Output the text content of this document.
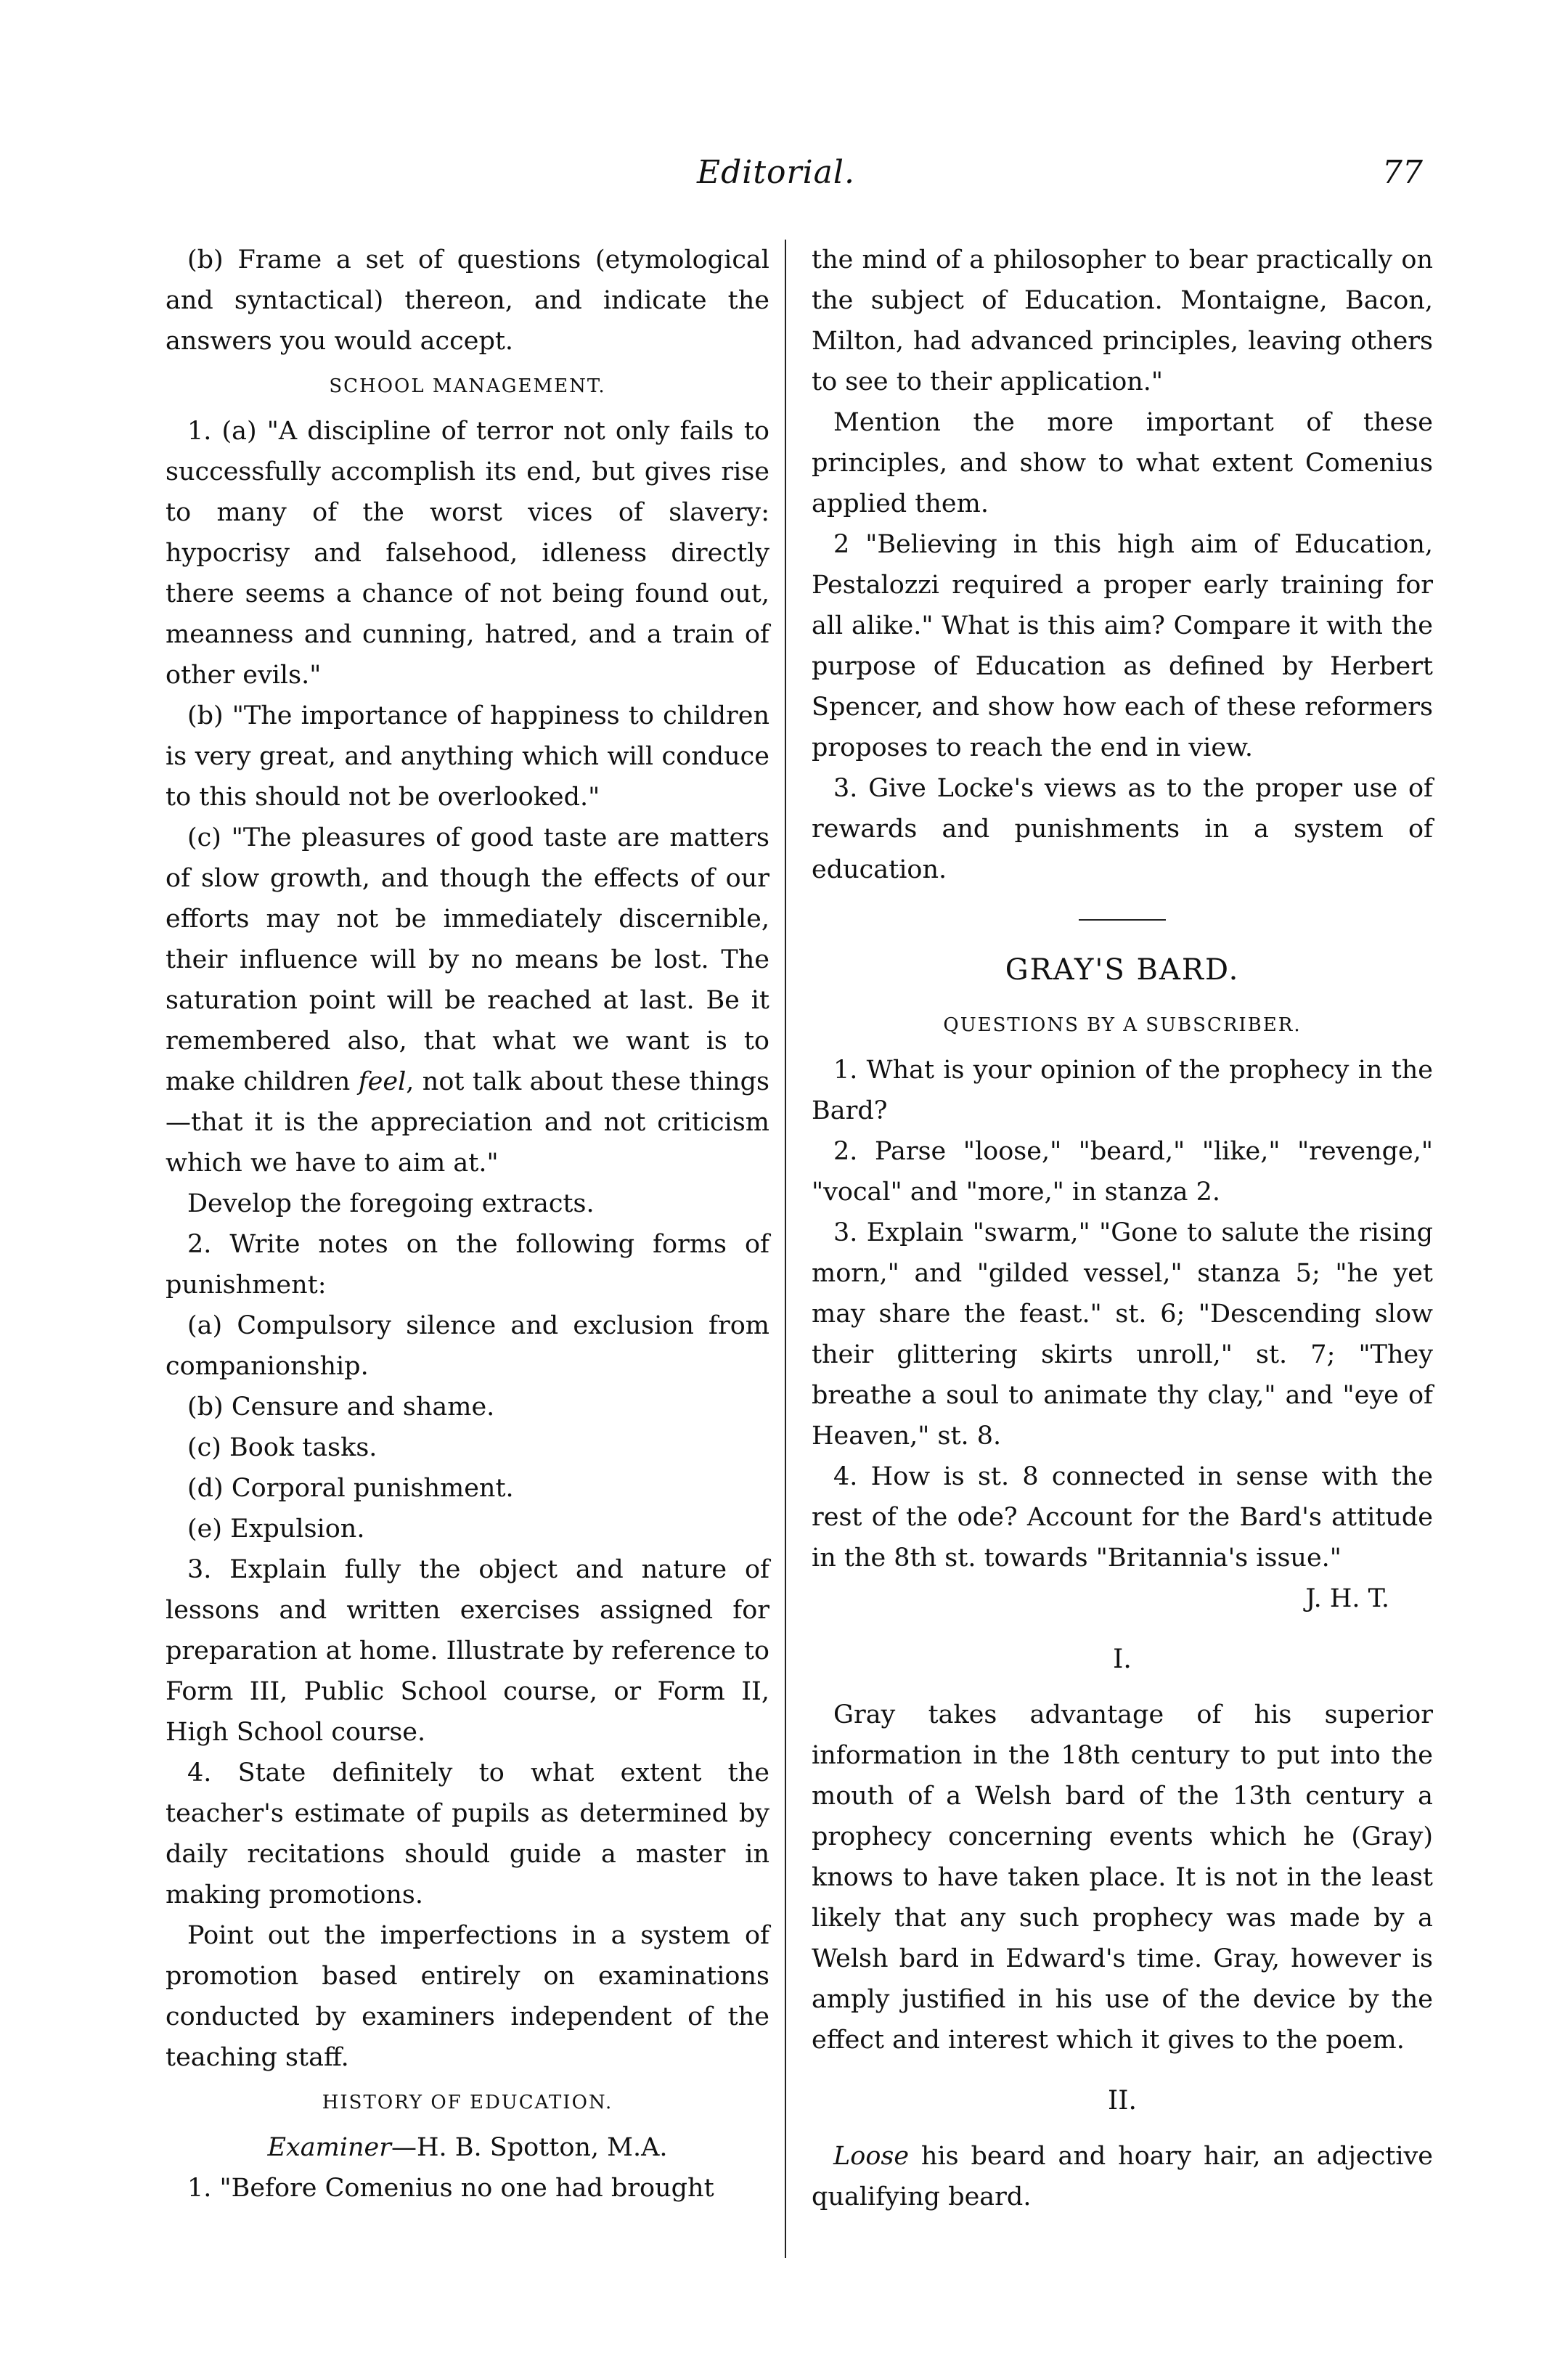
Editorial.	77

(b) Frame a set of questions (etymological and syntactical) thereon, and indicate the answers you would accept.

SCHOOL MANAGEMENT.

1. (a) "A discipline of terror not only fails to successfully accomplish its end, but gives rise to many of the worst vices of slavery: hypocrisy and falsehood, idleness directly there seems a chance of not being found out, meanness and cunning, hatred, and a train of other evils."

(b) "The importance of happiness to children is very great, and anything which will conduce to this should not be overlooked."

(c) "The pleasures of good taste are matters of slow growth, and though the effects of our efforts may not be immediately discernible, their influence will by no means be lost. The saturation point will be reached at last. Be it remembered also, that what we want is to make children feel, not talk about these things—that it is the appreciation and not criticism which we have to aim at."

Develop the foregoing extracts.

2. Write notes on the following forms of punishment:

(a) Compulsory silence and exclusion from companionship.

(b) Censure and shame.

(c) Book tasks.

(d) Corporal punishment.

(e) Expulsion.

3. Explain fully the object and nature of lessons and written exercises assigned for preparation at home. Illustrate by reference to Form III, Public School course, or Form II, High School course.

4. State definitely to what extent the teacher's estimate of pupils as determined by daily recitations should guide a master in making promotions.

Point out the imperfections in a system of promotion based entirely on examinations conducted by examiners independent of the teaching staff.

HISTORY OF EDUCATION.

Examiner—H. B. Spotton, M.A.

1. "Before Comenius no one had brought

the mind of a philosopher to bear practically on the subject of Education. Montaigne, Bacon, Milton, had advanced principles, leaving others to see to their application."

Mention the more important of these principles, and show to what extent Comenius applied them.

2 "Believing in this high aim of Education, Pestalozzi required a proper early training for all alike." What is this aim? Compare it with the purpose of Education as defined by Herbert Spencer, and show how each of these reformers proposes to reach the end in view.

3. Give Locke's views as to the proper use of rewards and punishments in a system of education.

GRAY'S BARD.

QUESTIONS BY A SUBSCRIBER.

1. What is your opinion of the prophecy in the Bard?

2. Parse "loose," "beard," "like," "revenge," "vocal" and "more," in stanza 2.

3. Explain "swarm," "Gone to salute the rising morn," and "gilded vessel," stanza 5; "he yet may share the feast." st. 6; "Descending slow their glittering skirts unroll," st. 7; "They breathe a soul to animate thy clay," and "eye of Heaven," st. 8.

4. How is st. 8 connected in sense with the rest of the ode? Account for the Bard's attitude in the 8th st. towards "Britannia's issue."

J. H. T.

I.

Gray takes advantage of his superior information in the 18th century to put into the mouth of a Welsh bard of the 13th century a prophecy concerning events which he (Gray) knows to have taken place. It is not in the least likely that any such prophecy was made by a Welsh bard in Edward's time. Gray, however is amply justified in his use of the device by the effect and interest which it gives to the poem.

II.

Loose his beard and hoary hair, an adjective qualifying beard.
